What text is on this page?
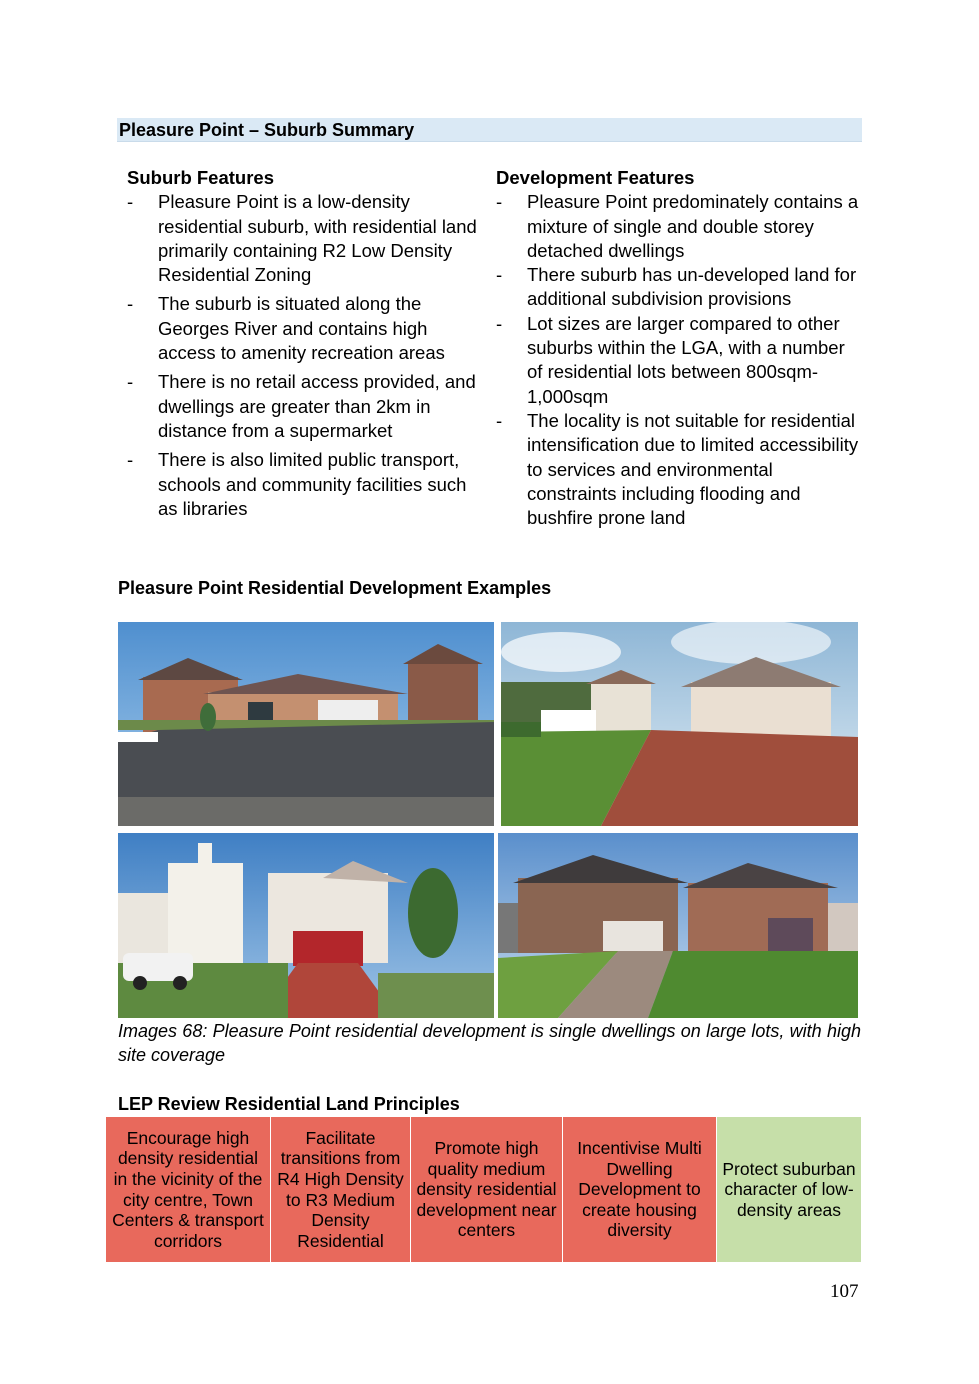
Pleasure Point – Suburb Summary
Suburb Features
- Pleasure Point is a low-density residential suburb, with residential land primarily containing R2 Low Density Residential Zoning
- The suburb is situated along the Georges River and contains high access to amenity recreation areas
- There is no retail access provided, and dwellings are greater than 2km in distance from a supermarket
- There is also limited public transport, schools and community facilities such as libraries
Development Features
- Pleasure Point predominately contains a mixture of single and double storey detached dwellings
- There suburb has un-developed land for additional subdivision provisions
- Lot sizes are larger compared to other suburbs within the LGA, with a number of residential lots between 800sqm-1,000sqm
- The locality is not suitable for residential intensification due to limited accessibility to services and environmental constraints including flooding and bushfire prone land
Pleasure Point Residential Development Examples
Images 68: Pleasure Point residential development is single dwellings on large lots, with high site coverage
LEP Review Residential Land Principles
Encourage high density residential in the vicinity of the city centre, Town Centers & transport corridors
Facilitate transitions from R4 High Density to R3 Medium Density Residential
Promote high quality medium density residential development near centers
Incentivise Multi Dwelling Development to create housing diversity
Protect suburban character of low-density areas
107
